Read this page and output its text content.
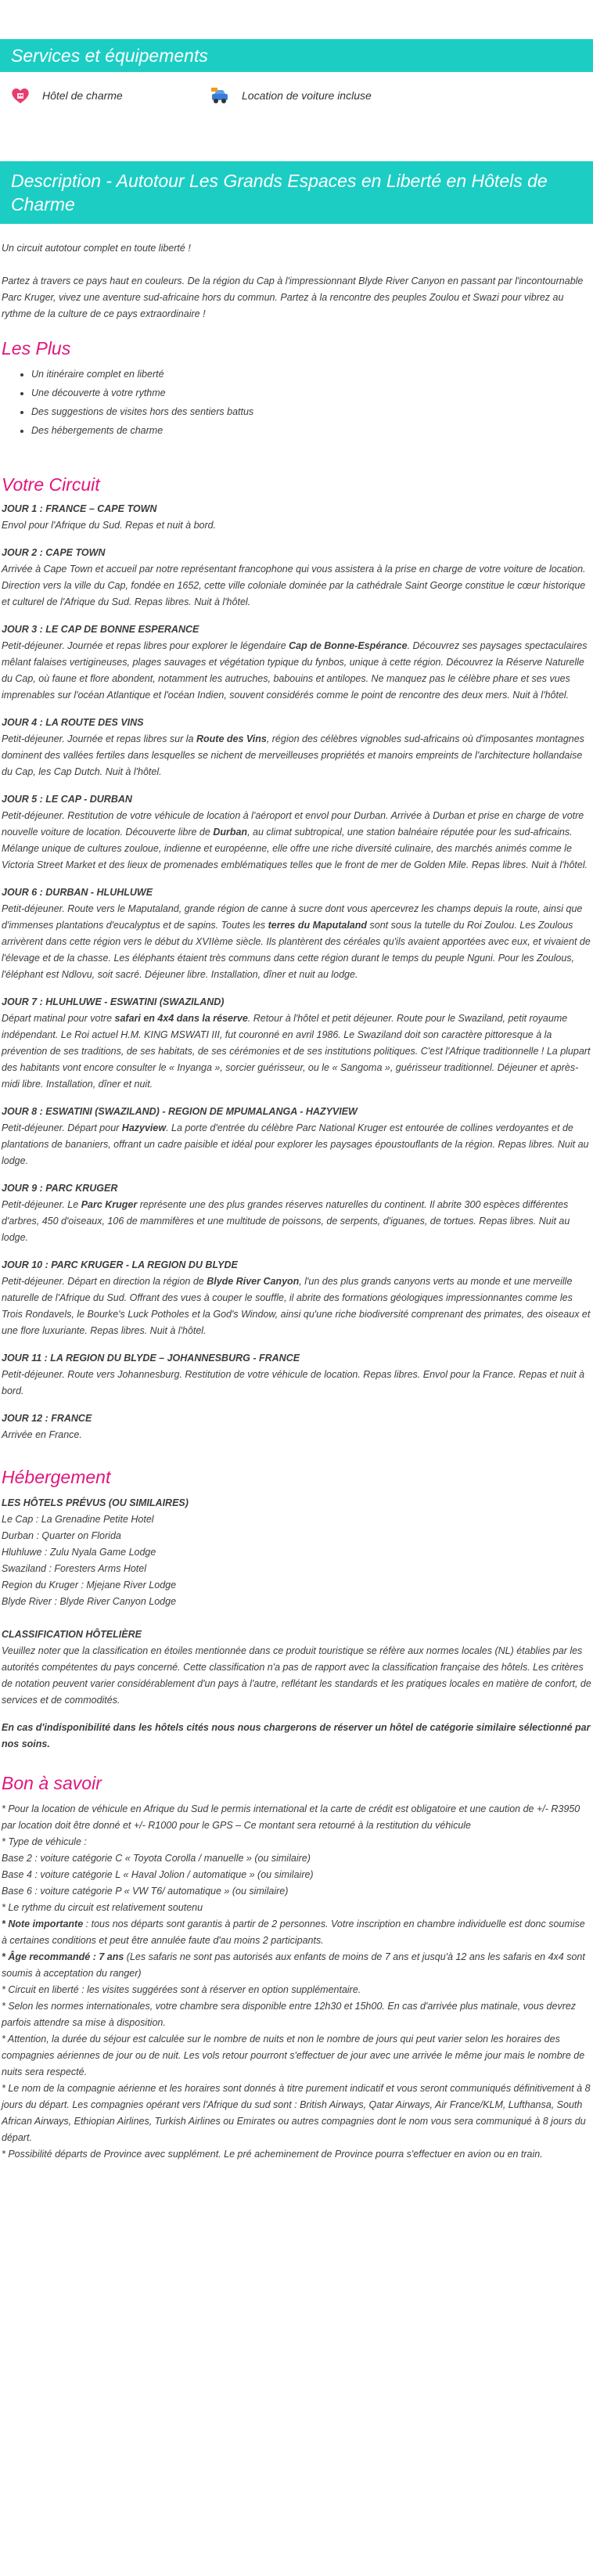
Services et équipements
Hôtel de charme	Location de voiture incluse
Description - Autotour Les Grands Espaces en Liberté en Hôtels de Charme

Un circuit autotour complet en toute liberté !

Partez à travers ce pays haut en couleurs. De la région du Cap à l'impressionnant Blyde River Canyon en passant par l'incontournable Parc Kruger, vivez une aventure sud-africaine hors du commun. Partez à la rencontre des peuples Zoulou et Swazi pour vibrez au rythme de la culture de ce pays extraordinaire !

Les Plus
• Un itinéraire complet en liberté
• Une découverte à votre rythme
• Des suggestions de visites hors des sentiers battus
• Des hébergements de charme
Votre Circuit

JOUR 1 : FRANCE – CAPE TOWN

Envol pour l'Afrique du Sud. Repas et nuit à bord.

JOUR 2 : CAPE TOWN

Arrivée à Cape Town et accueil par notre représentant francophone qui vous assistera à la prise en charge de votre voiture de location. Direction vers la ville du Cap, fondée en 1652, cette ville coloniale dominée par la cathédrale Saint George constitue le cœur historique et culturel de l'Afrique du Sud. Repas libres. Nuit à l'hôtel.

JOUR 3 : LE CAP DE BONNE ESPERANCE

Petit-déjeuner. Journée et repas libres pour explorer le légendaire Cap de Bonne-Espérance. Découvrez ses paysages spectaculaires mêlant falaises vertigineuses, plages sauvages et végétation typique du fynbos, unique à cette région. Découvrez la Réserve Naturelle du Cap, où faune et flore abondent, notamment les autruches, babouins et antilopes. Ne manquez pas le célèbre phare et ses vues imprenables sur l'océan Atlantique et l'océan Indien, souvent considérés comme le point de rencontre des deux mers. Nuit à l'hôtel.

JOUR 4 : LA ROUTE DES VINS

Petit-déjeuner. Journée et repas libres sur la Route des Vins, région des célèbres vignobles sud-africains où d'imposantes montagnes dominent des vallées fertiles dans lesquelles se nichent de merveilleuses propriétés et manoirs empreints de l'architecture hollandaise du Cap, les Cap Dutch. Nuit à l'hôtel.

JOUR 5 : LE CAP - DURBAN

Petit-déjeuner. Restitution de votre véhicule de location à l'aéroport et envol pour Durban. Arrivée à Durban et prise en charge de votre nouvelle voiture de location. Découverte libre de Durban, au climat subtropical, une station balnéaire réputée pour les sud-africains. Mélange unique de cultures zouloue, indienne et européenne, elle offre une riche diversité culinaire, des marchés animés comme le Victoria Street Market et des lieux de promenades emblématiques telles que le front de mer de Golden Mile. Repas libres. Nuit à l'hôtel.

JOUR 6 : DURBAN - HLUHLUWE

Petit-déjeuner. Route vers le Maputaland, grande région de canne à sucre dont vous apercevrez les champs depuis la route, ainsi que d'immenses plantations d'eucalyptus et de sapins. Toutes les terres du Maputaland sont sous la tutelle du Roi Zoulou. Les Zoulous arrivèrent dans cette région vers le début du XVIIème siècle. Ils plantèrent des céréales qu'ils avaient apportées avec eux, et vivaient de l'élevage et de la chasse. Les éléphants étaient très communs dans cette région durant le temps du peuple Nguni. Pour les Zoulous, l'éléphant est Ndlovu, soit sacré. Déjeuner libre. Installation, dîner et nuit au lodge.

JOUR 7 : HLUHLUWE - ESWATINI (SWAZILAND)

Départ matinal pour votre safari en 4x4 dans la réserve. Retour à l'hôtel et petit déjeuner. Route pour le Swaziland, petit royaume indépendant. Le Roi actuel H.M. KING MSWATI III, fut couronné en avril 1986. Le Swaziland doit son caractère pittoresque à la prévention de ses traditions, de ses habitats, de ses cérémonies et de ses institutions politiques. C'est l'Afrique traditionnelle ! La plupart des habitants vont encore consulter le « Inyanga », sorcier guérisseur, ou le « Sangoma », guérisseur traditionnel. Déjeuner et après-midi libre. Installation, dîner et nuit.

JOUR 8 : ESWATINI (SWAZILAND) - REGION DE MPUMALANGA - HAZYVIEW

Petit-déjeuner. Départ pour Hazyview. La porte d'entrée du célèbre Parc National Kruger est entourée de collines verdoyantes et de plantations de bananiers, offrant un cadre paisible et idéal pour explorer les paysages époustouflants de la région. Repas libres. Nuit au lodge.

JOUR 9 : PARC KRUGER

Petit-déjeuner. Le Parc Kruger représente une des plus grandes réserves naturelles du continent. Il abrite 300 espèces différentes d'arbres, 450 d'oiseaux, 106 de mammifères et une multitude de poissons, de serpents, d'iguanes, de tortues. Repas libres. Nuit au lodge.

JOUR 10 : PARC KRUGER - LA REGION DU BLYDE

Petit-déjeuner. Départ en direction la région de Blyde River Canyon, l'un des plus grands canyons verts au monde et une merveille naturelle de l'Afrique du Sud. Offrant des vues à couper le souffle, il abrite des formations géologiques impressionnantes comme les Trois Rondavels, le Bourke's Luck Potholes et la God's Window, ainsi qu'une riche biodiversité comprenant des primates, des oiseaux et une flore luxuriante. Repas libres. Nuit à l'hôtel.

JOUR 11 : LA REGION DU BLYDE – JOHANNESBURG - FRANCE

Petit-déjeuner. Route vers Johannesburg. Restitution de votre véhicule de location. Repas libres. Envol pour la France. Repas et nuit à bord.

JOUR 12 : FRANCE

Arrivée en France.

Hébergement

LES HÔTELS PRÉVUS (OU SIMILAIRES)

Le Cap : La Grenadine Petite Hotel

Durban : Quarter on Florida

Hluhluwe : Zulu Nyala Game Lodge

Swaziland : Foresters Arms Hotel

Region du Kruger : Mjejane River Lodge

Blyde River : Blyde River Canyon Lodge

CLASSIFICATION HÔTELIÈRE

Veuillez noter que la classification en étoiles mentionnée dans ce produit touristique se réfère aux normes locales (NL) établies par les autorités compétentes du pays concerné. Cette classification n'a pas de rapport avec la classification française des hôtels. Les critères de notation peuvent varier considérablement d'un pays à l'autre, reflétant les standards et les pratiques locales en matière de confort, de services et de commodités.

En cas d'indisponibilité dans les hôtels cités nous nous chargerons de réserver un hôtel de catégorie similaire sélectionné par nos soins.

Bon à savoir

* Pour la location de véhicule en Afrique du Sud le permis international et la carte de crédit est obligatoire et une caution de +/- R3950 par location doit être donné et +/- R1000 pour le GPS – Ce montant sera retourné à la restitution du véhicule

* Type de véhicule :

Base 2 : voiture catégorie C « Toyota Corolla / manuelle » (ou similaire)

Base 4 : voiture catégorie L « Haval Jolion / automatique » (ou similaire)

Base 6 : voiture catégorie P « VW T6/ automatique » (ou similaire)

* Le rythme du circuit est relativement soutenu

* Note importante : tous nos départs sont garantis à partir de 2 personnes. Votre inscription en chambre individuelle est donc soumise à certaines conditions et peut être annulée faute d'au moins 2 participants.

* Âge recommandé : 7 ans (Les safaris ne sont pas autorisés aux enfants de moins de 7 ans et jusqu'à 12 ans les safaris en 4x4 sont soumis à acceptation du ranger)

* Circuit en liberté : les visites suggérées sont à réserver en option supplémentaire.

* Selon les normes internationales, votre chambre sera disponible entre 12h30 et 15h00. En cas d'arrivée plus matinale, vous devrez parfois attendre sa mise à disposition.

* Attention, la durée du séjour est calculée sur le nombre de nuits et non le nombre de jours qui peut varier selon les horaires des compagnies aériennes de jour ou de nuit. Les vols retour pourront s'effectuer de jour avec une arrivée le même jour mais le nombre de nuits sera respecté.

* Le nom de la compagnie aérienne et les horaires sont donnés à titre purement indicatif et vous seront communiqués définitivement à 8 jours du départ. Les compagnies opérant vers l'Afrique du sud sont : British Airways, Qatar Airways, Air France/KLM, Lufthansa, South African Airways, Ethiopian Airlines, Turkish Airlines ou Emirates ou autres compagnies dont le nom vous sera communiqué à 8 jours du départ.

* Possibilité départs de Province avec supplément. Le pré acheminement de Province pourra s'effectuer en avion ou en train.
